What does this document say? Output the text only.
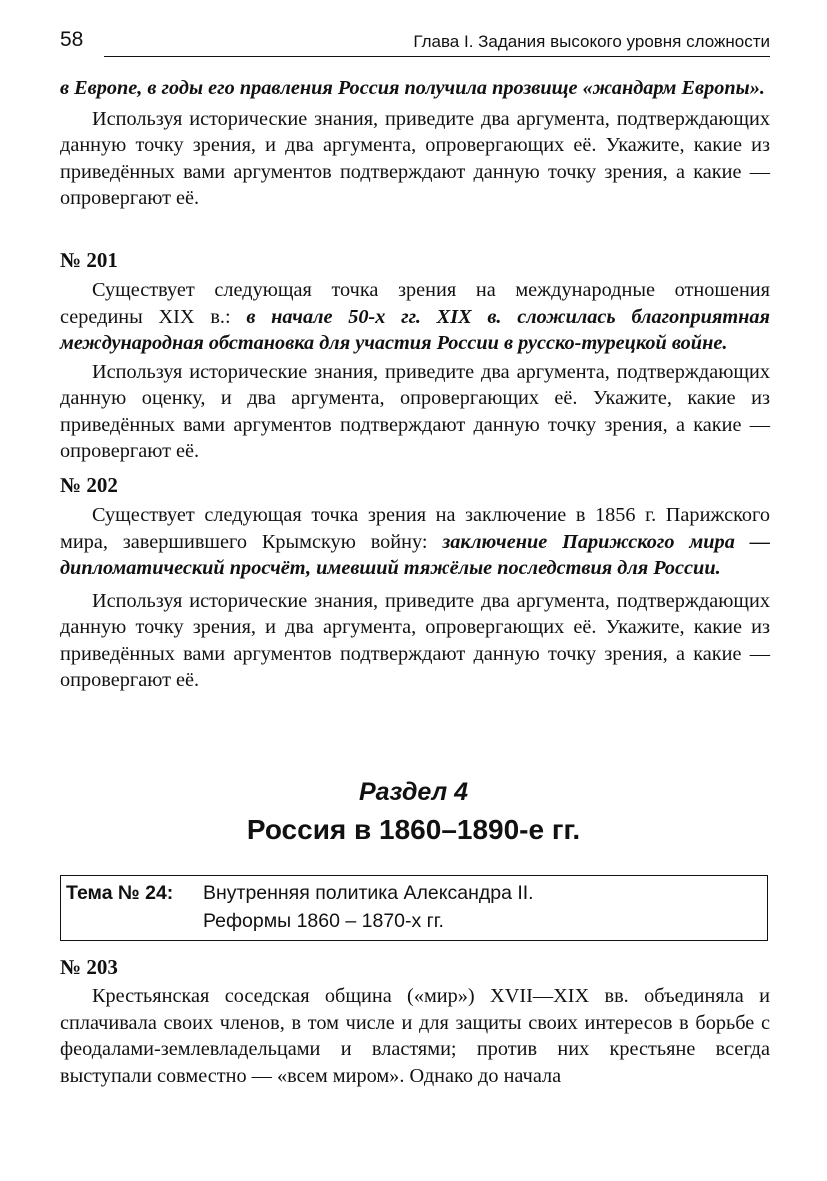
58	Глава I. Задания высокого уровня сложности

в Европе, в годы его правления Россия получила прозвище «жандарм Европы».

Используя исторические знания, приведите два аргумента, подтверждающих данную точку зрения, и два аргумента, опровергающих её. Укажите, какие из приведённых вами аргументов подтверждают данную точку зрения, а какие — опровергают её.

№ 201

Существует следующая точка зрения на международные отношения середины XIX в.: в начале 50-х гг. XIX в. сложилась благоприятная международная обстановка для участия России в русско-турецкой войне.

Используя исторические знания, приведите два аргумента, подтверждающих данную оценку, и два аргумента, опровергающих её. Укажите, какие из приведённых вами аргументов подтверждают данную точку зрения, а какие — опровергают её.

№ 202

Существует следующая точка зрения на заключение в 1856 г. Парижского мира, завершившего Крымскую войну: заключение Парижского мира — дипломатический просчёт, имевший тяжёлые последствия для России.

Используя исторические знания, приведите два аргумента, подтверждающих данную точку зрения, и два аргумента, опровергающих её. Укажите, какие из приведённых вами аргументов подтверждают данную точку зрения, а какие — опровергают её.

Раздел 4
Россия в 1860–1890-е гг.
Тема № 24: Внутренняя политика Александра II.
Реформы 1860 – 1870-х гг.
№ 203

Крестьянская соседская община («мир») XVII—XIX вв. объединяла и сплачивала своих членов, в том числе и для защиты своих интересов в борьбе с феодалами-землевладельцами и властями; против них крестьяне всегда выступали совместно — «всем миром». Однако до начала
